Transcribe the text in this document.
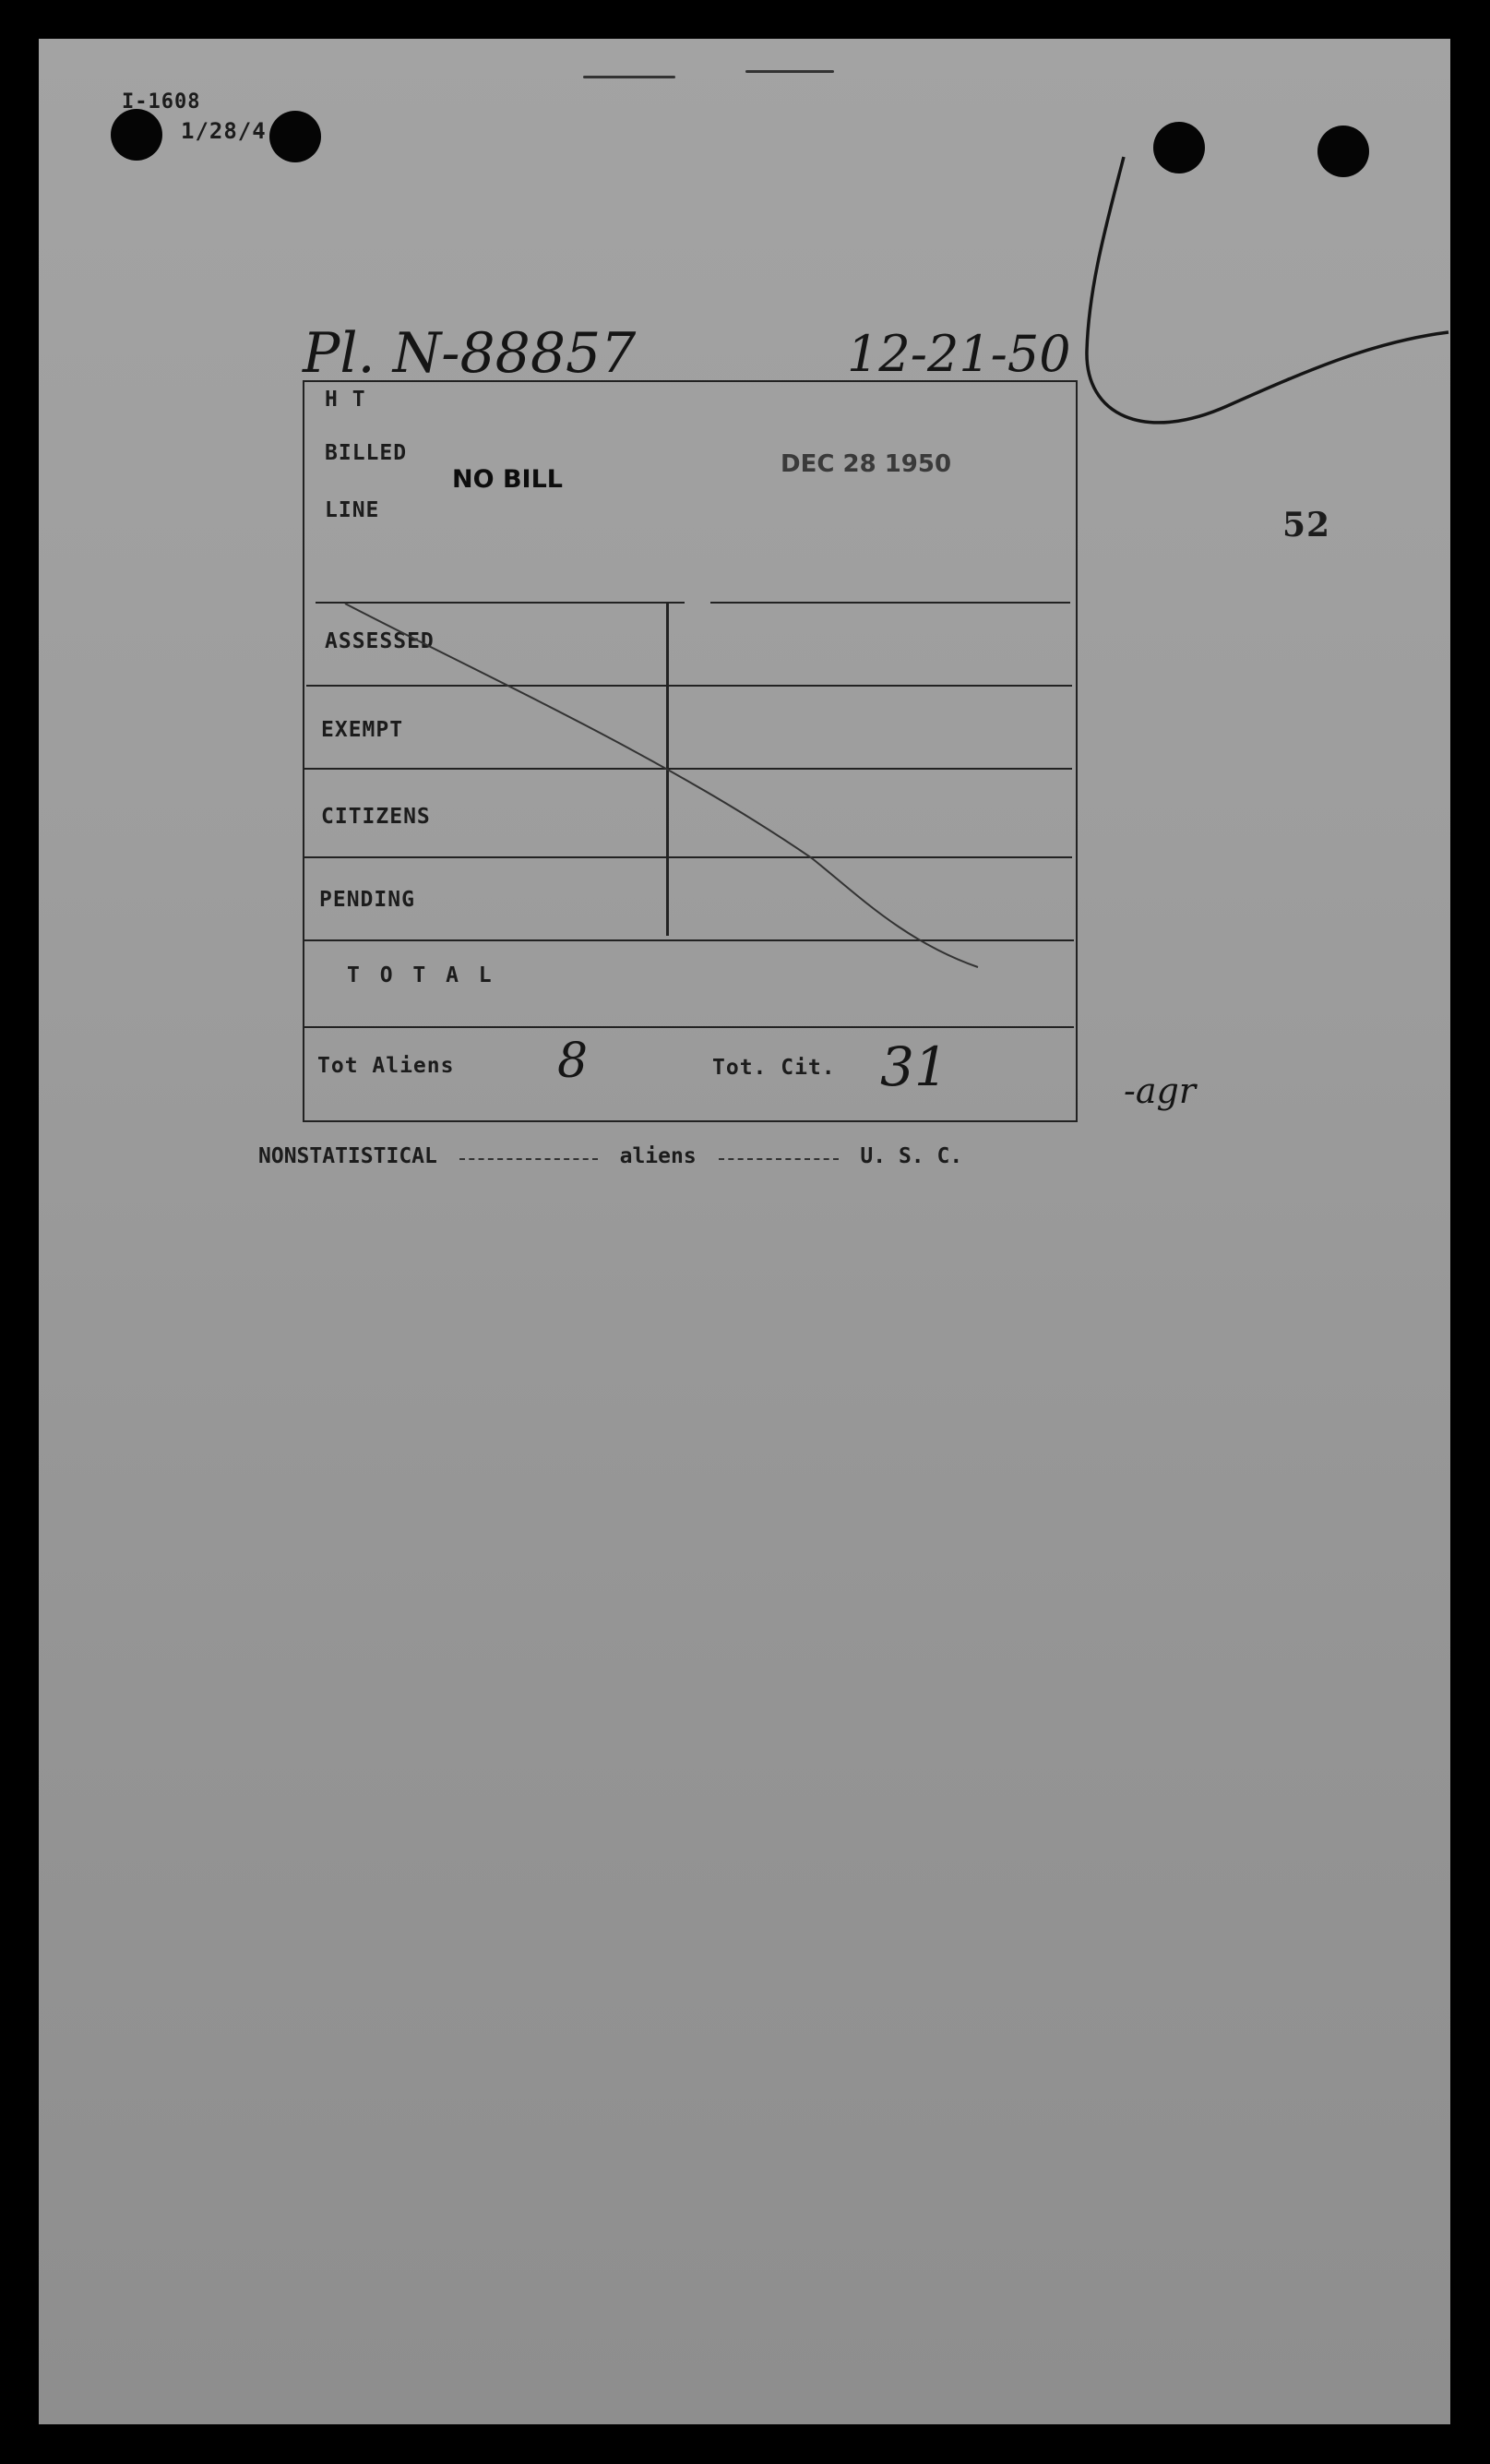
I-1608
1/28/4
Pl. N-88857	12-21-50
52
H T
BILLED
LINE
NO BILL
DEC 28 1950
ASSESSED
EXEMPT
CITIZENS
PENDING
T O T A L
Tot Aliens 8	Tot. Cit. 31	-agr
NONSTATISTICAL	aliens	U. S. C.
